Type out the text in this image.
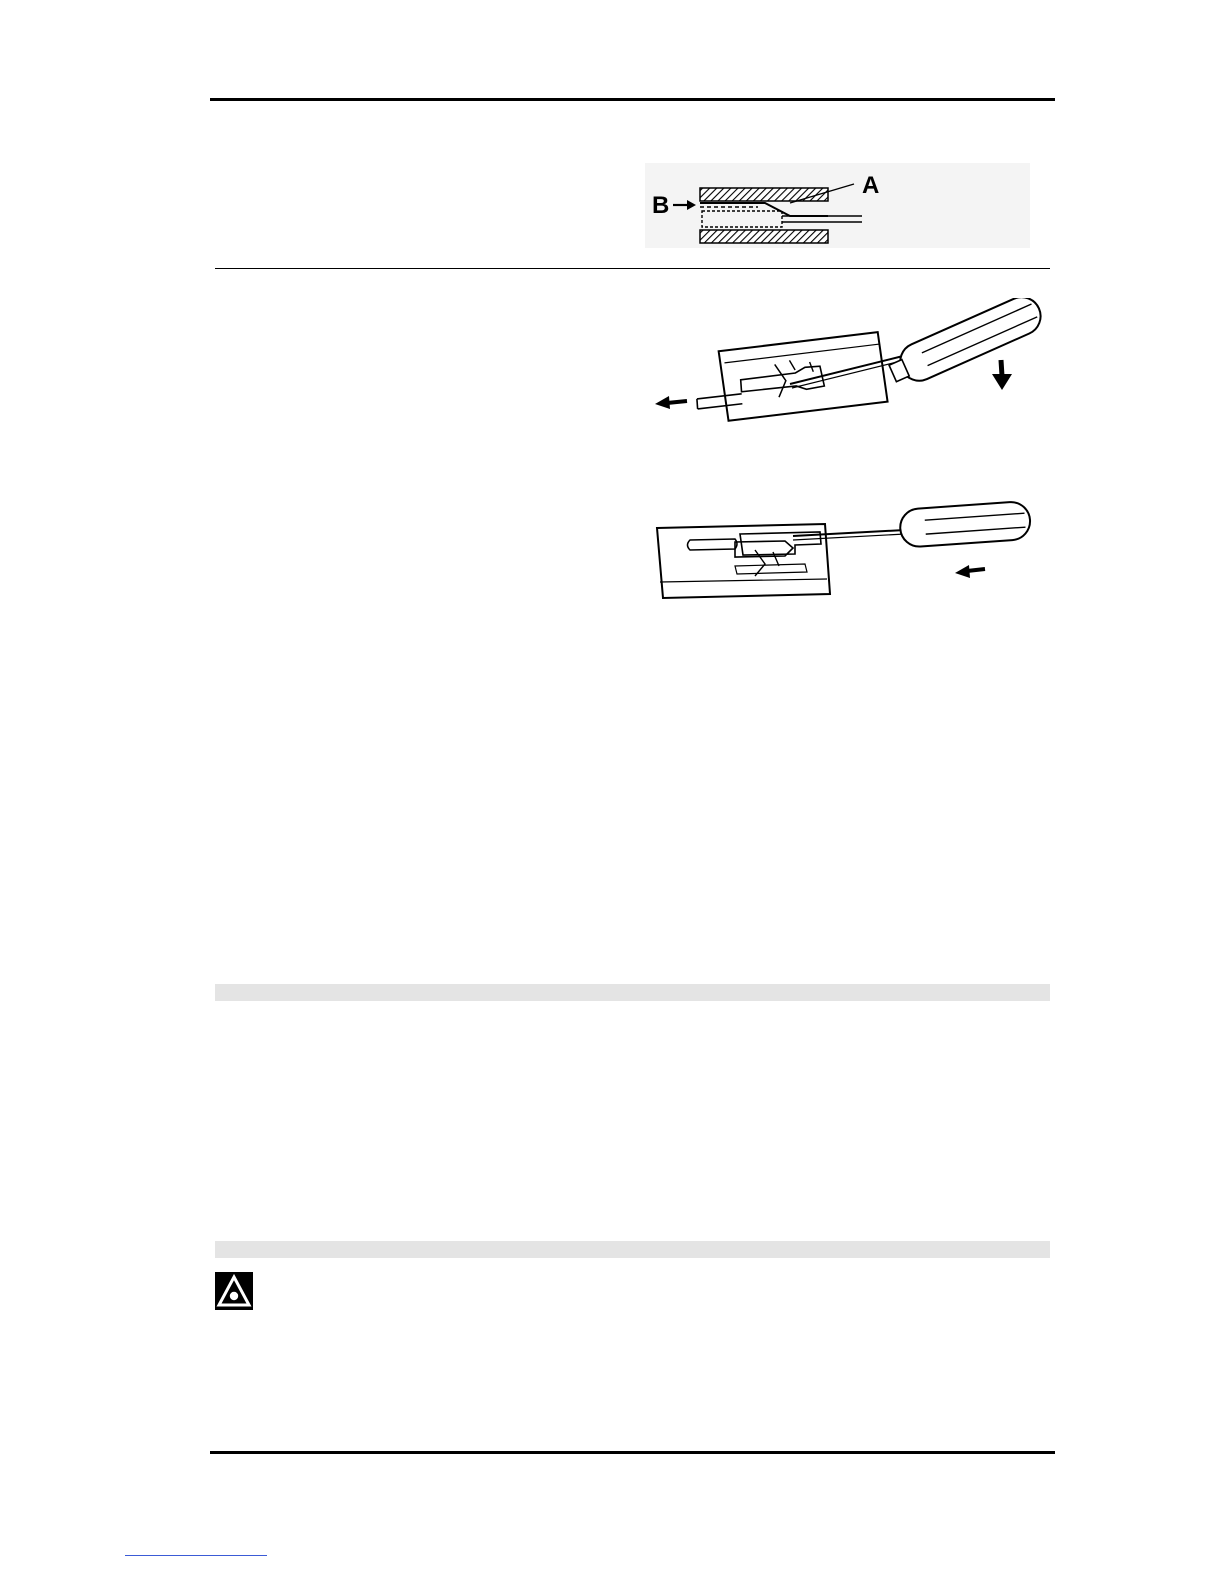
A
B
